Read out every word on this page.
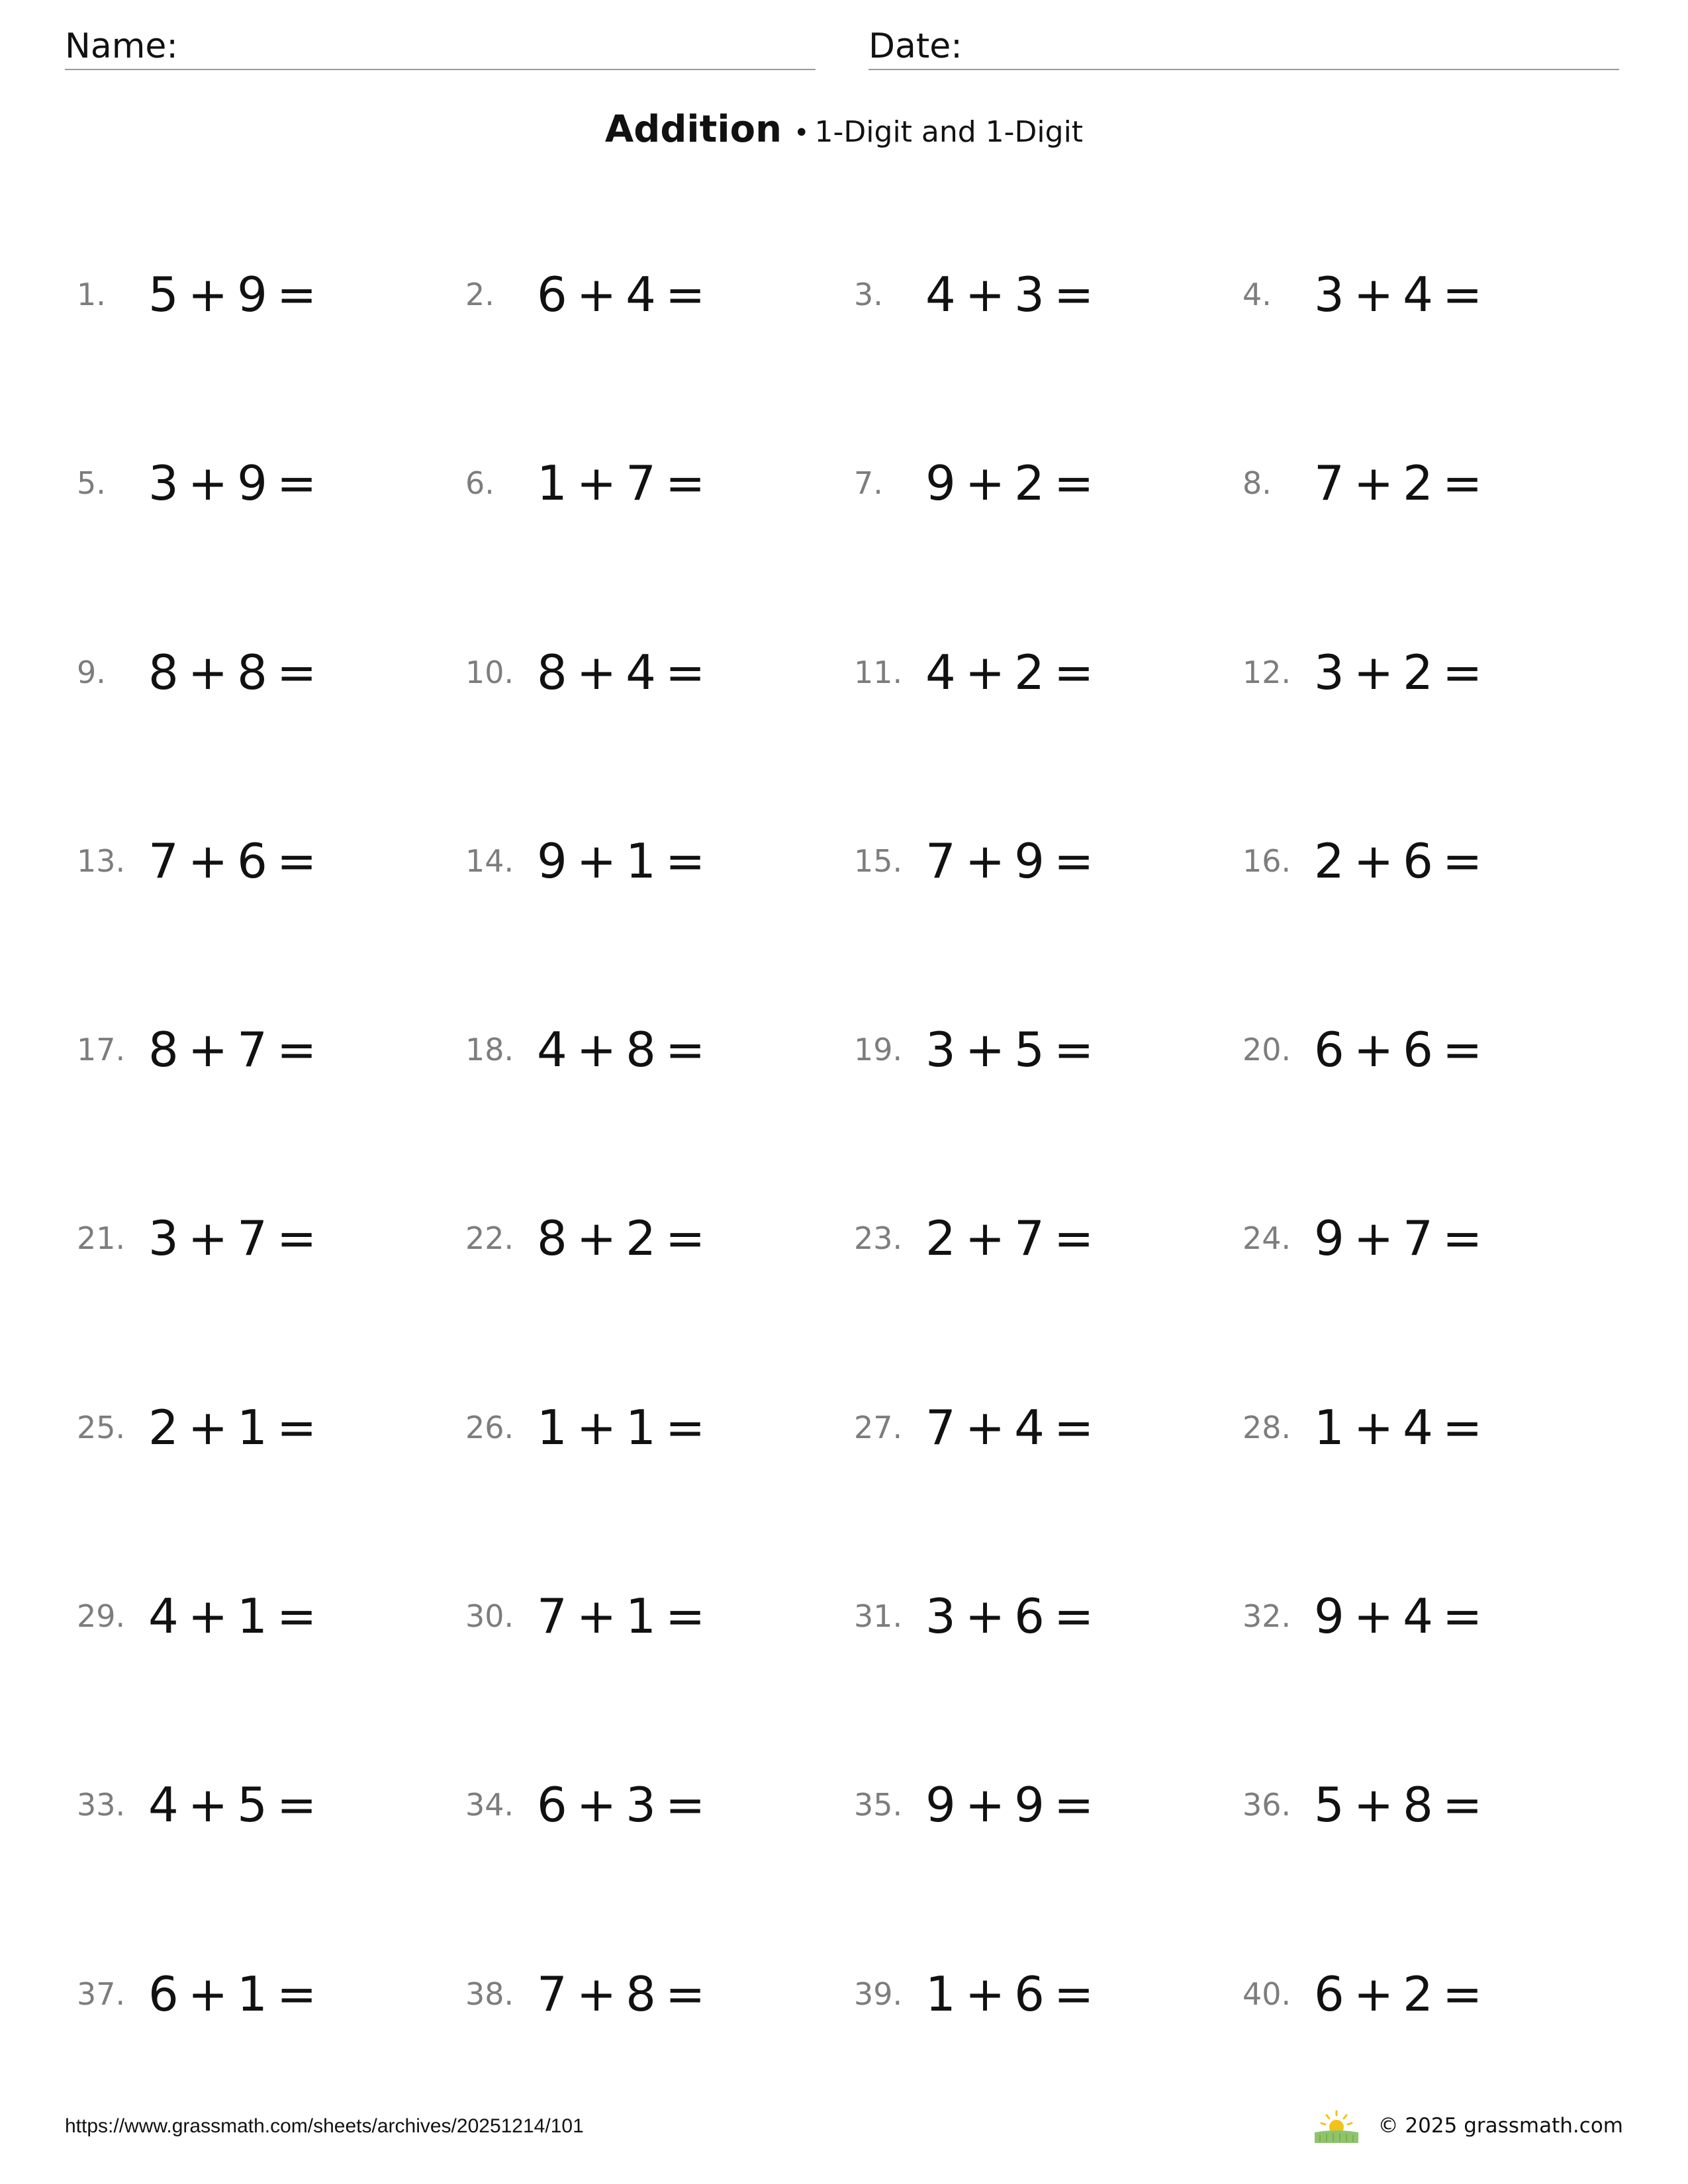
Name:	Date:
Addition • 1-Digit and 1-Digit
1. 5 + 9 =	2. 6 + 4 =	3. 4 + 3 =	4. 3 + 4 =
5. 3 + 9 =	6. 1 + 7 =	7. 9 + 2 =	8. 7 + 2 =
9. 8 + 8 =	10. 8 + 4 =	11. 4 + 2 =	12. 3 + 2 =
13. 7 + 6 =	14. 9 + 1 =	15. 7 + 9 =	16. 2 + 6 =
17. 8 + 7 =	18. 4 + 8 =	19. 3 + 5 =	20. 6 + 6 =
21. 3 + 7 =	22. 8 + 2 =	23. 2 + 7 =	24. 9 + 7 =
25. 2 + 1 =	26. 1 + 1 =	27. 7 + 4 =	28. 1 + 4 =
29. 4 + 1 =	30. 7 + 1 =	31. 3 + 6 =	32. 9 + 4 =
33. 4 + 5 =	34. 6 + 3 =	35. 9 + 9 =	36. 5 + 8 =
37. 6 + 1 =	38. 7 + 8 =	39. 1 + 6 =	40. 6 + 2 =
https://www.grassmath.com/sheets/archives/20251214/101	© 2025 grassmath.com
